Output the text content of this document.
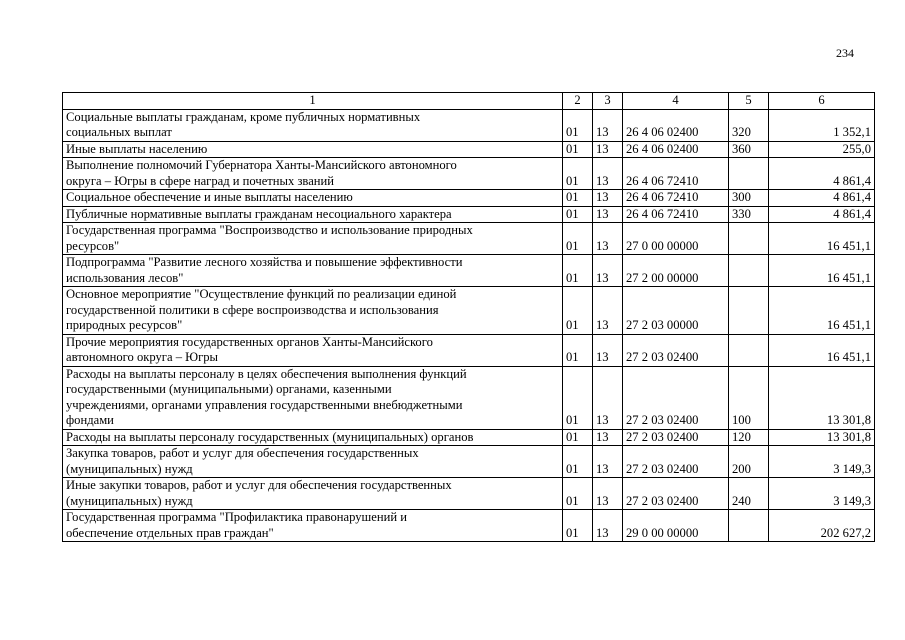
234
1	2	3	4	5	6

Социальные выплаты гражданам, кроме публичных нормативных
социальных выплат	01	13	26 4 06 02400	320	1 352,1

Иные выплаты населению	01	13	26 4 06 02400	360	255,0

Выполнение полномочий Губернатора Ханты-Мансийского автономного
округа – Югры в сфере наград и почетных званий	01	13	26 4 06 72410		4 861,4

Социальное обеспечение и иные выплаты населению	01	13	26 4 06 72410	300	4 861,4

Публичные нормативные выплаты гражданам несоциального характера	01	13	26 4 06 72410	330	4 861,4

Государственная программа "Воспроизводство и использование природных
ресурсов"	01	13	27 0 00 00000		16 451,1

Подпрограмма "Развитие лесного хозяйства и повышение эффективности
использования лесов"	01	13	27 2 00 00000		16 451,1

Основное мероприятие "Осуществление функций по реализации единой
государственной политики в сфере воспроизводства и использования
природных ресурсов"	01	13	27 2 03 00000		16 451,1

Прочие мероприятия государственных органов Ханты-Мансийского
автономного округа – Югры	01	13	27 2 03 02400		16 451,1

Расходы на выплаты персоналу в целях обеспечения выполнения функций
государственными (муниципальными) органами, казенными
учреждениями, органами управления государственными внебюджетными
фондами	01	13	27 2 03 02400	100	13 301,8

Расходы на выплаты персоналу государственных (муниципальных) органов	01	13	27 2 03 02400	120	13 301,8

Закупка товаров, работ и услуг для обеспечения государственных
(муниципальных) нужд	01	13	27 2 03 02400	200	3 149,3

Иные закупки товаров, работ и услуг для обеспечения государственных
(муниципальных) нужд	01	13	27 2 03 02400	240	3 149,3

Государственная программа "Профилактика правонарушений и
обеспечение отдельных прав граждан"	01	13	29 0 00 00000		202 627,2
